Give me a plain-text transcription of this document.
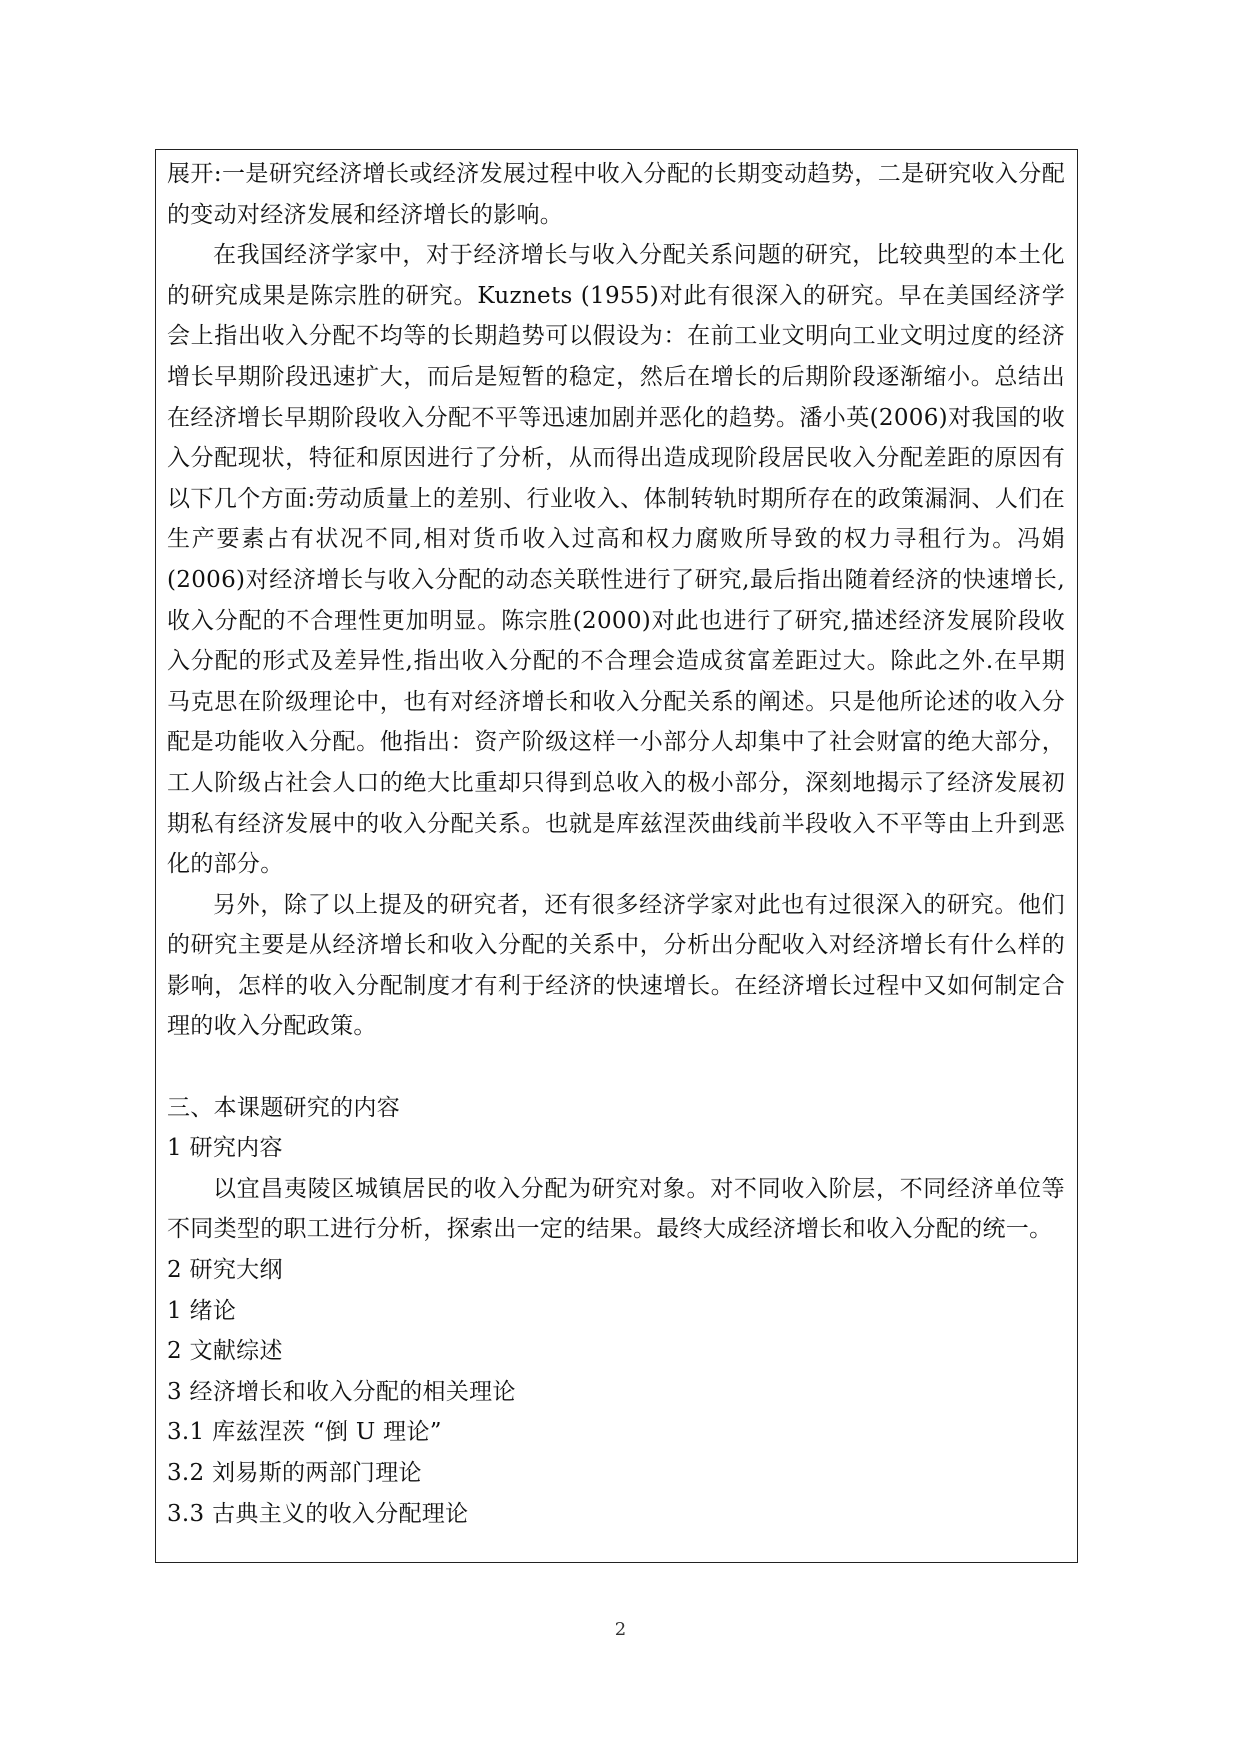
展开:一是研究经济增长或经济发展过程中收入分配的长期变动趋势，二是研究收入分配的变动对经济发展和经济增长的影响。

在我国经济学家中，对于经济增长与收入分配关系问题的研究，比较典型的本土化的研究成果是陈宗胜的研究。Kuznets (1955)对此有很深入的研究。早在美国经济学会上指出收入分配不均等的长期趋势可以假设为：在前工业文明向工业文明过度的经济增长早期阶段迅速扩大，而后是短暂的稳定，然后在增长的后期阶段逐渐缩小。总结出在经济增长早期阶段收入分配不平等迅速加剧并恶化的趋势。潘小英(2006)对我国的收入分配现状，特征和原因进行了分析，从而得出造成现阶段居民收入分配差距的原因有以下几个方面:劳动质量上的差别、行业收入、体制转轨时期所存在的政策漏洞、人们在生产要素占有状况不同,相对货币收入过高和权力腐败所导致的权力寻租行为。冯娟(2006)对经济增长与收入分配的动态关联性进行了研究,最后指出随着经济的快速增长,收入分配的不合理性更加明显。陈宗胜(2000)对此也进行了研究,描述经济发展阶段收入分配的形式及差异性,指出收入分配的不合理会造成贫富差距过大。除此之外.在早期马克思在阶级理论中，也有对经济增长和收入分配关系的阐述。只是他所论述的收入分配是功能收入分配。他指出：资产阶级这样一小部分人却集中了社会财富的绝大部分，工人阶级占社会人口的绝大比重却只得到总收入的极小部分，深刻地揭示了经济发展初期私有经济发展中的收入分配关系。也就是库兹涅茨曲线前半段收入不平等由上升到恶化的部分。

另外，除了以上提及的研究者，还有很多经济学家对此也有过很深入的研究。他们的研究主要是从经济增长和收入分配的关系中，分析出分配收入对经济增长有什么样的影响，怎样的收入分配制度才有利于经济的快速增长。在经济增长过程中又如何制定合理的收入分配政策。

三、本课题研究的内容

1 研究内容

以宜昌夷陵区城镇居民的收入分配为研究对象。对不同收入阶层，不同经济单位等不同类型的职工进行分析，探索出一定的结果。最终大成经济增长和收入分配的统一。

2 研究大纲

1 绪论

2 文献综述

3 经济增长和收入分配的相关理论

3.1 库兹涅茨 “倒 U 理论”

3.2 刘易斯的两部门理论

3.3 古典主义的收入分配理论

2
